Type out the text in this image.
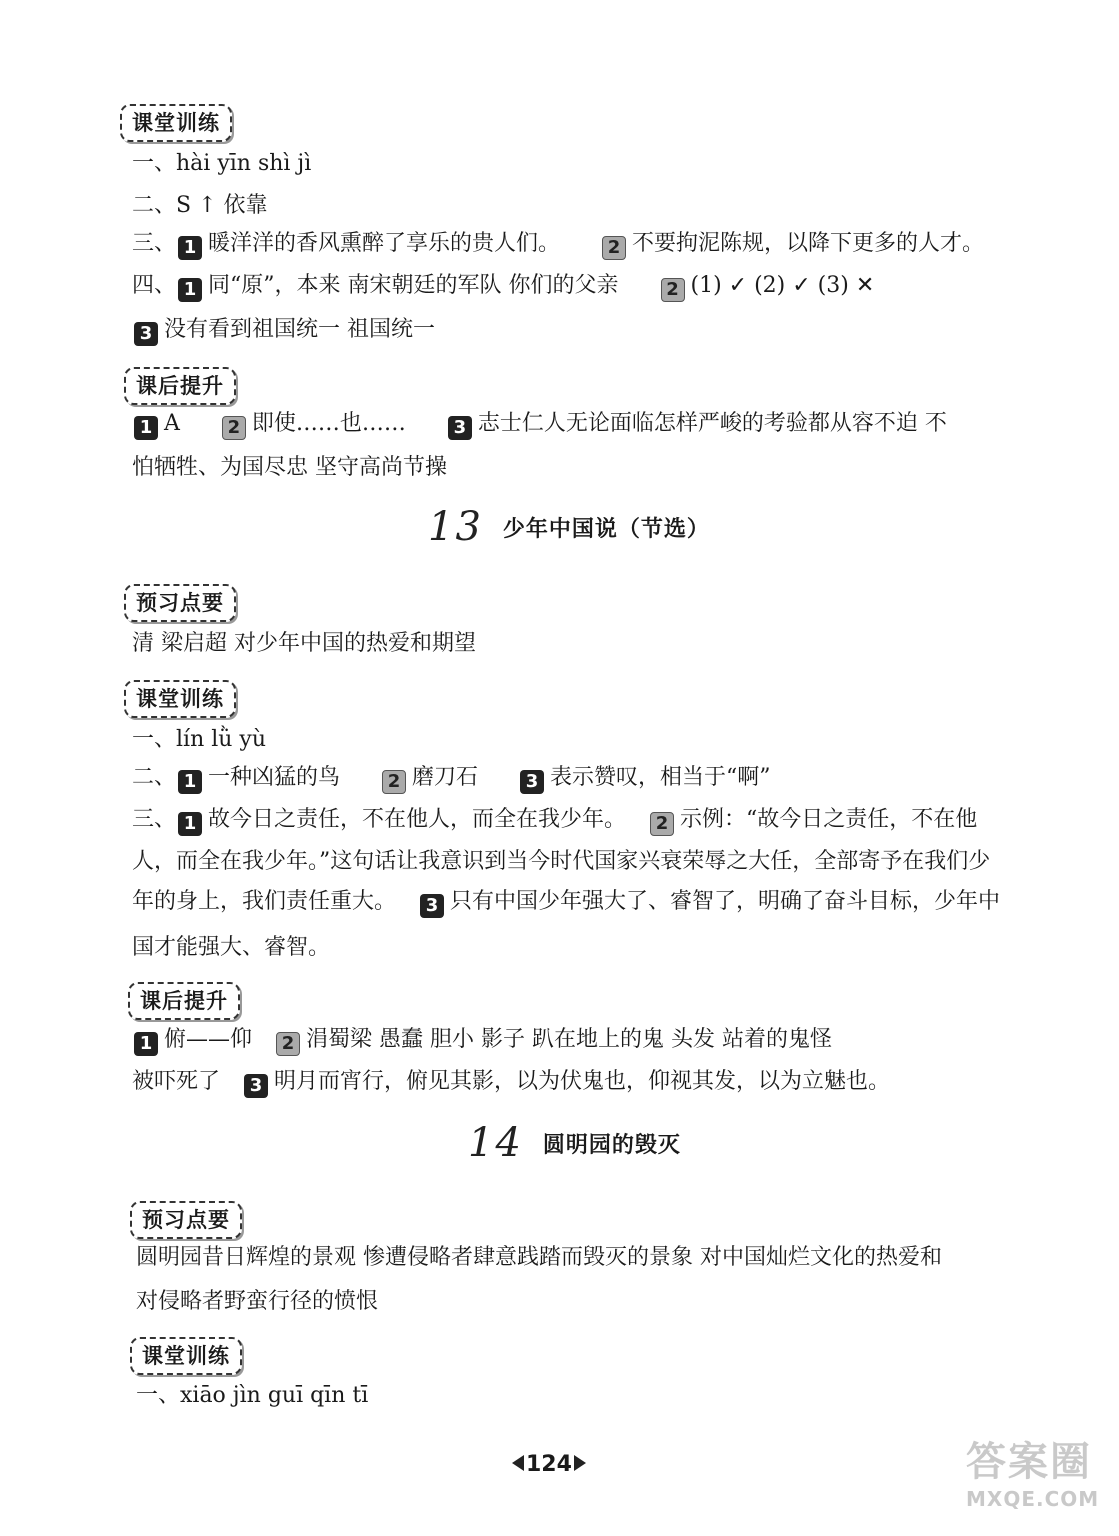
课堂训练
一、hài yīn shì jì
二、S ↑ 依靠
三、 1 暖洋洋的香风熏醉了享乐的贵人们。	2 不要拘泥陈规，以降下更多的人才。
四、 1 同“原”，本来 南宋朝廷的军队 你们的父亲	2 (1) ✓ (2) ✓ (3) ✕
3 没有看到祖国统一 祖国统一
课后提升
1 A	2 即使……也……	3 志士仁人无论面临怎样严峻的考验都从容不迫 不
怕牺牲、为国尽忠 坚守高尚节操
13 少年中国说（节选）
预习点要
清 梁启超 对少年中国的热爱和期望
课堂训练
一、lín lǜ yù
二、 1 一种凶猛的鸟	2 磨刀石	3 表示赞叹，相当于“啊”
三、 1 故今日之责任，不在他人，而全在我少年。 2 示例：“故今日之责任，不在他
人，而全在我少年。”这句话让我意识到当今时代国家兴衰荣辱之大任，全部寄予在我们少
年的身上，我们责任重大。 3 只有中国少年强大了、睿智了，明确了奋斗目标，少年中
国才能强大、睿智。
课后提升
1 俯——仰 2 涓蜀梁 愚蠢 胆小 影子 趴在地上的鬼 头发 站着的鬼怪
被吓死了 3 明月而宵行，俯见其影，以为伏鬼也，仰视其发，以为立魅也。
14 圆明园的毁灭
预习点要
圆明园昔日辉煌的景观 惨遭侵略者肆意践踏而毁灭的景象 对中国灿烂文化的热爱和
对侵略者野蛮行径的愤恨
课堂训练
一、xiāo jìn guī qīn tī
124	答案圈
MXQE.COM
